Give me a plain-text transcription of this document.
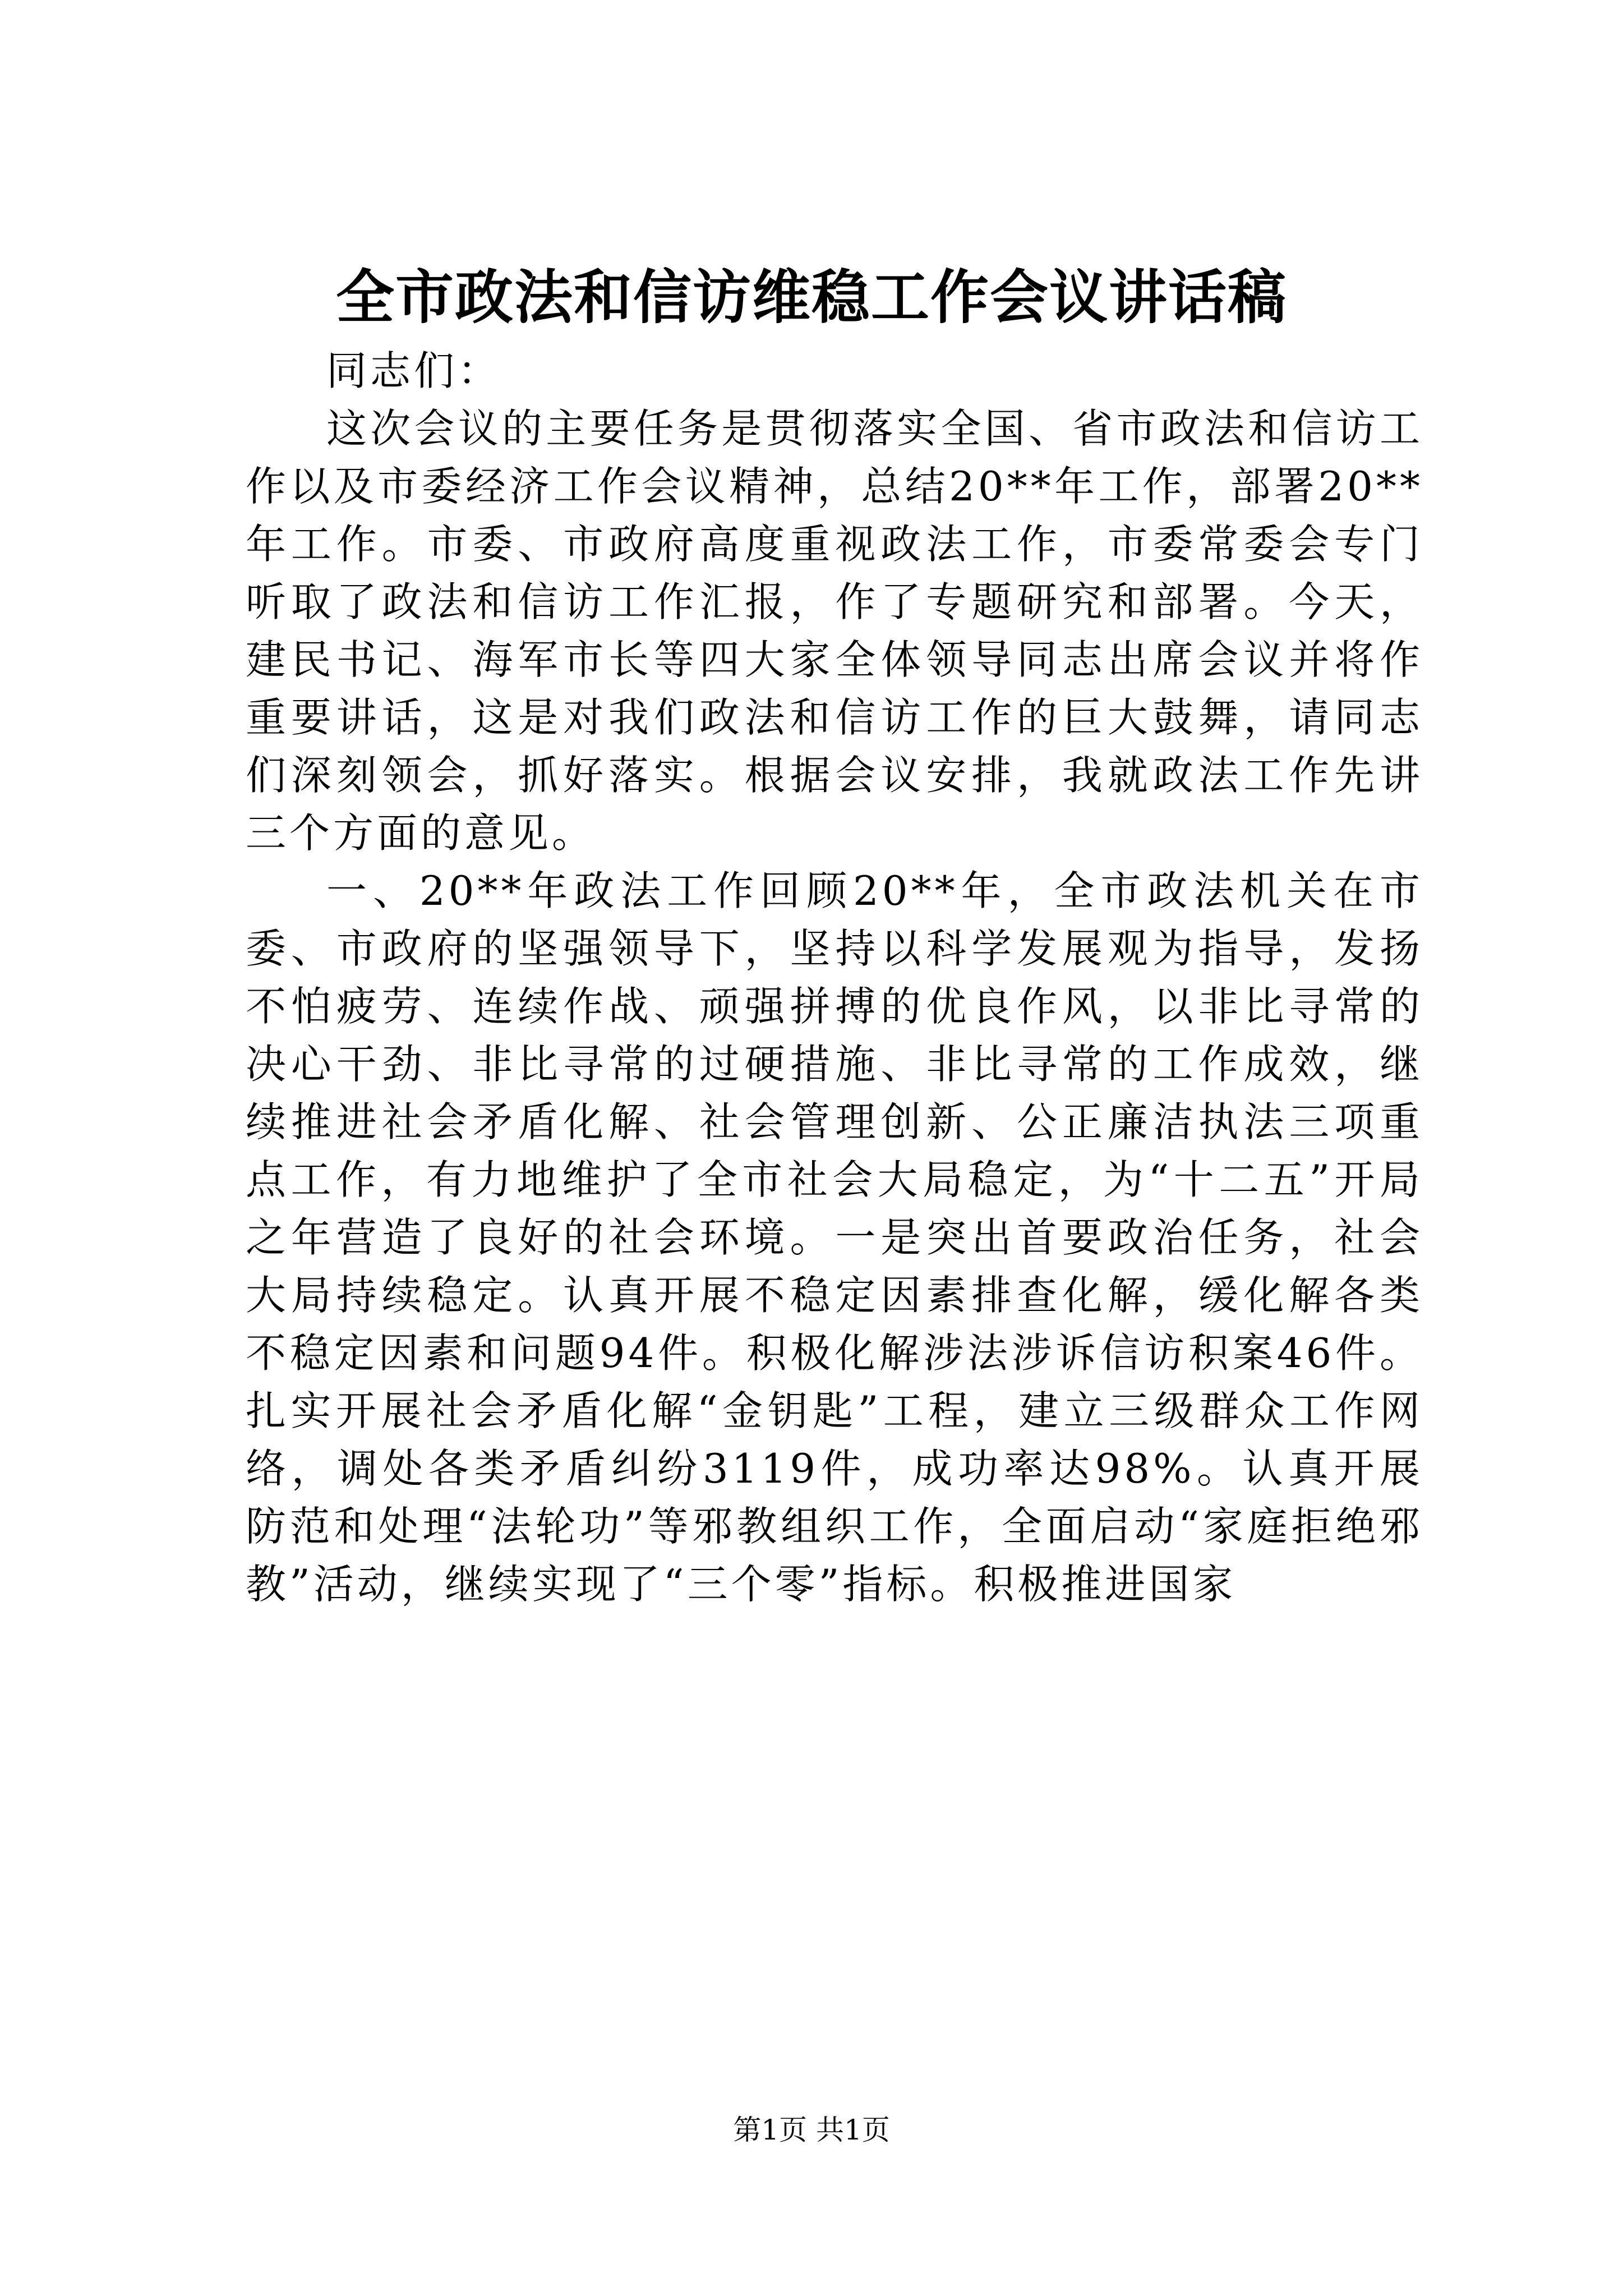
全市政法和信访维稳工作会议讲话稿

同志们：

这次会议的主要任务是贯彻落实全国、省市政法和信访工作以及市委经济工作会议精神，总结20**年工作，部署20**年工作。市委、市政府高度重视政法工作，市委常委会专门听取了政法和信访工作汇报，作了专题研究和部署。今天，建民书记、海军市长等四大家全体领导同志出席会议并将作重要讲话，这是对我们政法和信访工作的巨大鼓舞，请同志们深刻领会，抓好落实。根据会议安排，我就政法工作先讲三个方面的意见。

一、20**年政法工作回顾20**年，全市政法机关在市委、市政府的坚强领导下，坚持以科学发展观为指导，发扬不怕疲劳、连续作战、顽强拼搏的优良作风，以非比寻常的决心干劲、非比寻常的过硬措施、非比寻常的工作成效，继续推进社会矛盾化解、社会管理创新、公正廉洁执法三项重点工作，有力地维护了全市社会大局稳定，为“十二五”开局之年营造了良好的社会环境。一是突出首要政治任务，社会大局持续稳定。认真开展不稳定因素排查化解，缓化解各类不稳定因素和问题94件。积极化解涉法涉诉信访积案46件。扎实开展社会矛盾化解“金钥匙”工程，建立三级群众工作网络，调处各类矛盾纠纷3119件，成功率达98%。认真开展防范和处理“法轮功”等邪教组织工作，全面启动“家庭拒绝邪教”活动，继续实现了“三个零”指标。积极推进国家

第1页 共1页
